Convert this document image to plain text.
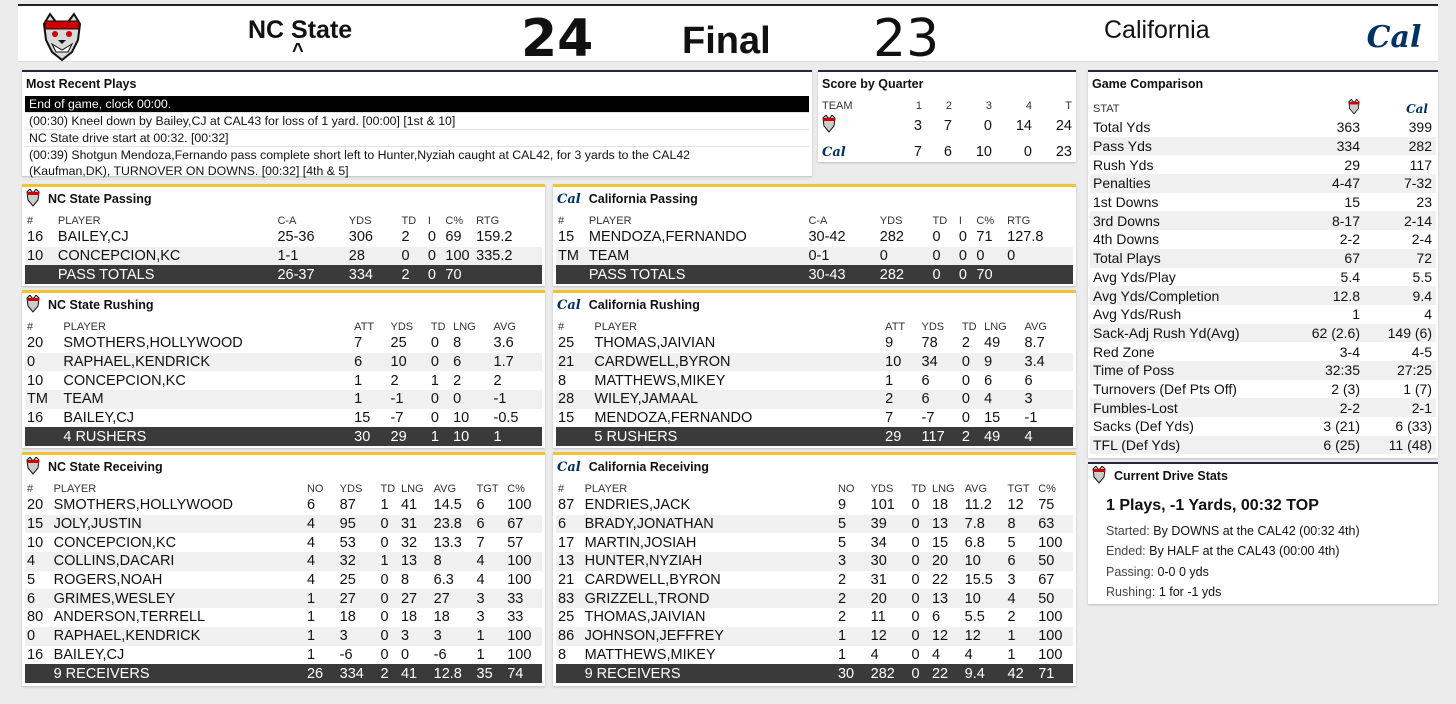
NC State
^	24 Final 23	California	Cal
Most Recent Plays
End of game, clock 00:00.
(00:30) Kneel down by Bailey,CJ at CAL43 for loss of 1 yard. [00:00] [1st & 10]
NC State drive start at 00:32. [00:32]
(00:39) Shotgun Mendoza,Fernando pass complete short left to Hunter,Nyziah caught at CAL42, for 3 yards to the CAL42
(Kaufman,DK), TURNOVER ON DOWNS. [00:32] [4th & 5]
Score by Quarter
TEAM	1	2	3	4	T
	3	7	0	14	24
Cal	7	6	10	0	23
Game Comparison
STAT		Cal
Total Yds	363	399
Pass Yds	334	282
Rush Yds	29	117
Penalties	4-47	7-32
1st Downs	15	23
3rd Downs	8-17	2-14
4th Downs	2-2	2-4
Total Plays	67	72
Avg Yds/Play	5.4	5.5
Avg Yds/Completion	12.8	9.4
Avg Yds/Rush	1	4
Sack-Adj Rush Yd(Avg)	62 (2.6)	149 (6)
Red Zone	3-4	4-5
Time of Poss	32:35	27:25
Turnovers (Def Pts Off)	2 (3)	1 (7)
Fumbles-Lost	2-2	2-1
Sacks (Def Yds)	3 (21)	6 (33)
TFL (Def Yds)	6 (25)	11 (48)
Current Drive Stats
1 Plays, -1 Yards, 00:32 TOP
Started: By DOWNS at the CAL42 (00:32 4th)
Ended: By HALF at the CAL43 (00:00 4th)
Passing: 0-0 0 yds
Rushing: 1 for -1 yds
NC State Passing
#	PLAYER	C-A	YDS	TD	I	C%	RTG
16	BAILEY,CJ	25-36	306	2	0	69	159.2
10	CONCEPCION,KC	1-1	28	0	0	100	335.2
	PASS TOTALS	26-37	334	2	0	70	
Cal California Passing
#	PLAYER	C-A	YDS	TD	I	C%	RTG
15	MENDOZA,FERNANDO	30-42	282	0	0	71	127.8
TM	TEAM	0-1	0	0	0	0	0
	PASS TOTALS	30-43	282	0	0	70	
NC State Rushing
#	PLAYER	ATT	YDS	TD	LNG	AVG
20	SMOTHERS,HOLLYWOOD	7	25	0	8	3.6
0	RAPHAEL,KENDRICK	6	10	0	6	1.7
10	CONCEPCION,KC	1	2	1	2	2
TM	TEAM	1	-1	0	0	-1
16	BAILEY,CJ	15	-7	0	10	-0.5
	4 RUSHERS	30	29	1	10	1
Cal California Rushing
#	PLAYER	ATT	YDS	TD	LNG	AVG
25	THOMAS,JAIVIAN	9	78	2	49	8.7
21	CARDWELL,BYRON	10	34	0	9	3.4
8	MATTHEWS,MIKEY	1	6	0	6	6
28	WILEY,JAMAAL	2	6	0	4	3
15	MENDOZA,FERNANDO	7	-7	0	15	-1
	5 RUSHERS	29	117	2	49	4
NC State Receiving
#	PLAYER	NO	YDS	TD	LNG	AVG	TGT	C%
20	SMOTHERS,HOLLYWOOD	6	87	1	41	14.5	6	100
15	JOLY,JUSTIN	4	95	0	31	23.8	6	67
10	CONCEPCION,KC	4	53	0	32	13.3	7	57
4	COLLINS,DACARI	4	32	1	13	8	4	100
5	ROGERS,NOAH	4	25	0	8	6.3	4	100
6	GRIMES,WESLEY	1	27	0	27	27	3	33
80	ANDERSON,TERRELL	1	18	0	18	18	3	33
0	RAPHAEL,KENDRICK	1	3	0	3	3	1	100
16	BAILEY,CJ	1	-6	0	0	-6	1	100
	9 RECEIVERS	26	334	2	41	12.8	35	74
Cal California Receiving
#	PLAYER	NO	YDS	TD	LNG	AVG	TGT	C%
87	ENDRIES,JACK	9	101	0	18	11.2	12	75
6	BRADY,JONATHAN	5	39	0	13	7.8	8	63
17	MARTIN,JOSIAH	5	34	0	15	6.8	5	100
13	HUNTER,NYZIAH	3	30	0	20	10	6	50
21	CARDWELL,BYRON	2	31	0	22	15.5	3	67
83	GRIZZELL,TROND	2	20	0	13	10	4	50
25	THOMAS,JAIVIAN	2	11	0	6	5.5	2	100
86	JOHNSON,JEFFREY	1	12	0	12	12	1	100
8	MATTHEWS,MIKEY	1	4	0	4	4	1	100
	9 RECEIVERS	30	282	0	22	9.4	42	71
